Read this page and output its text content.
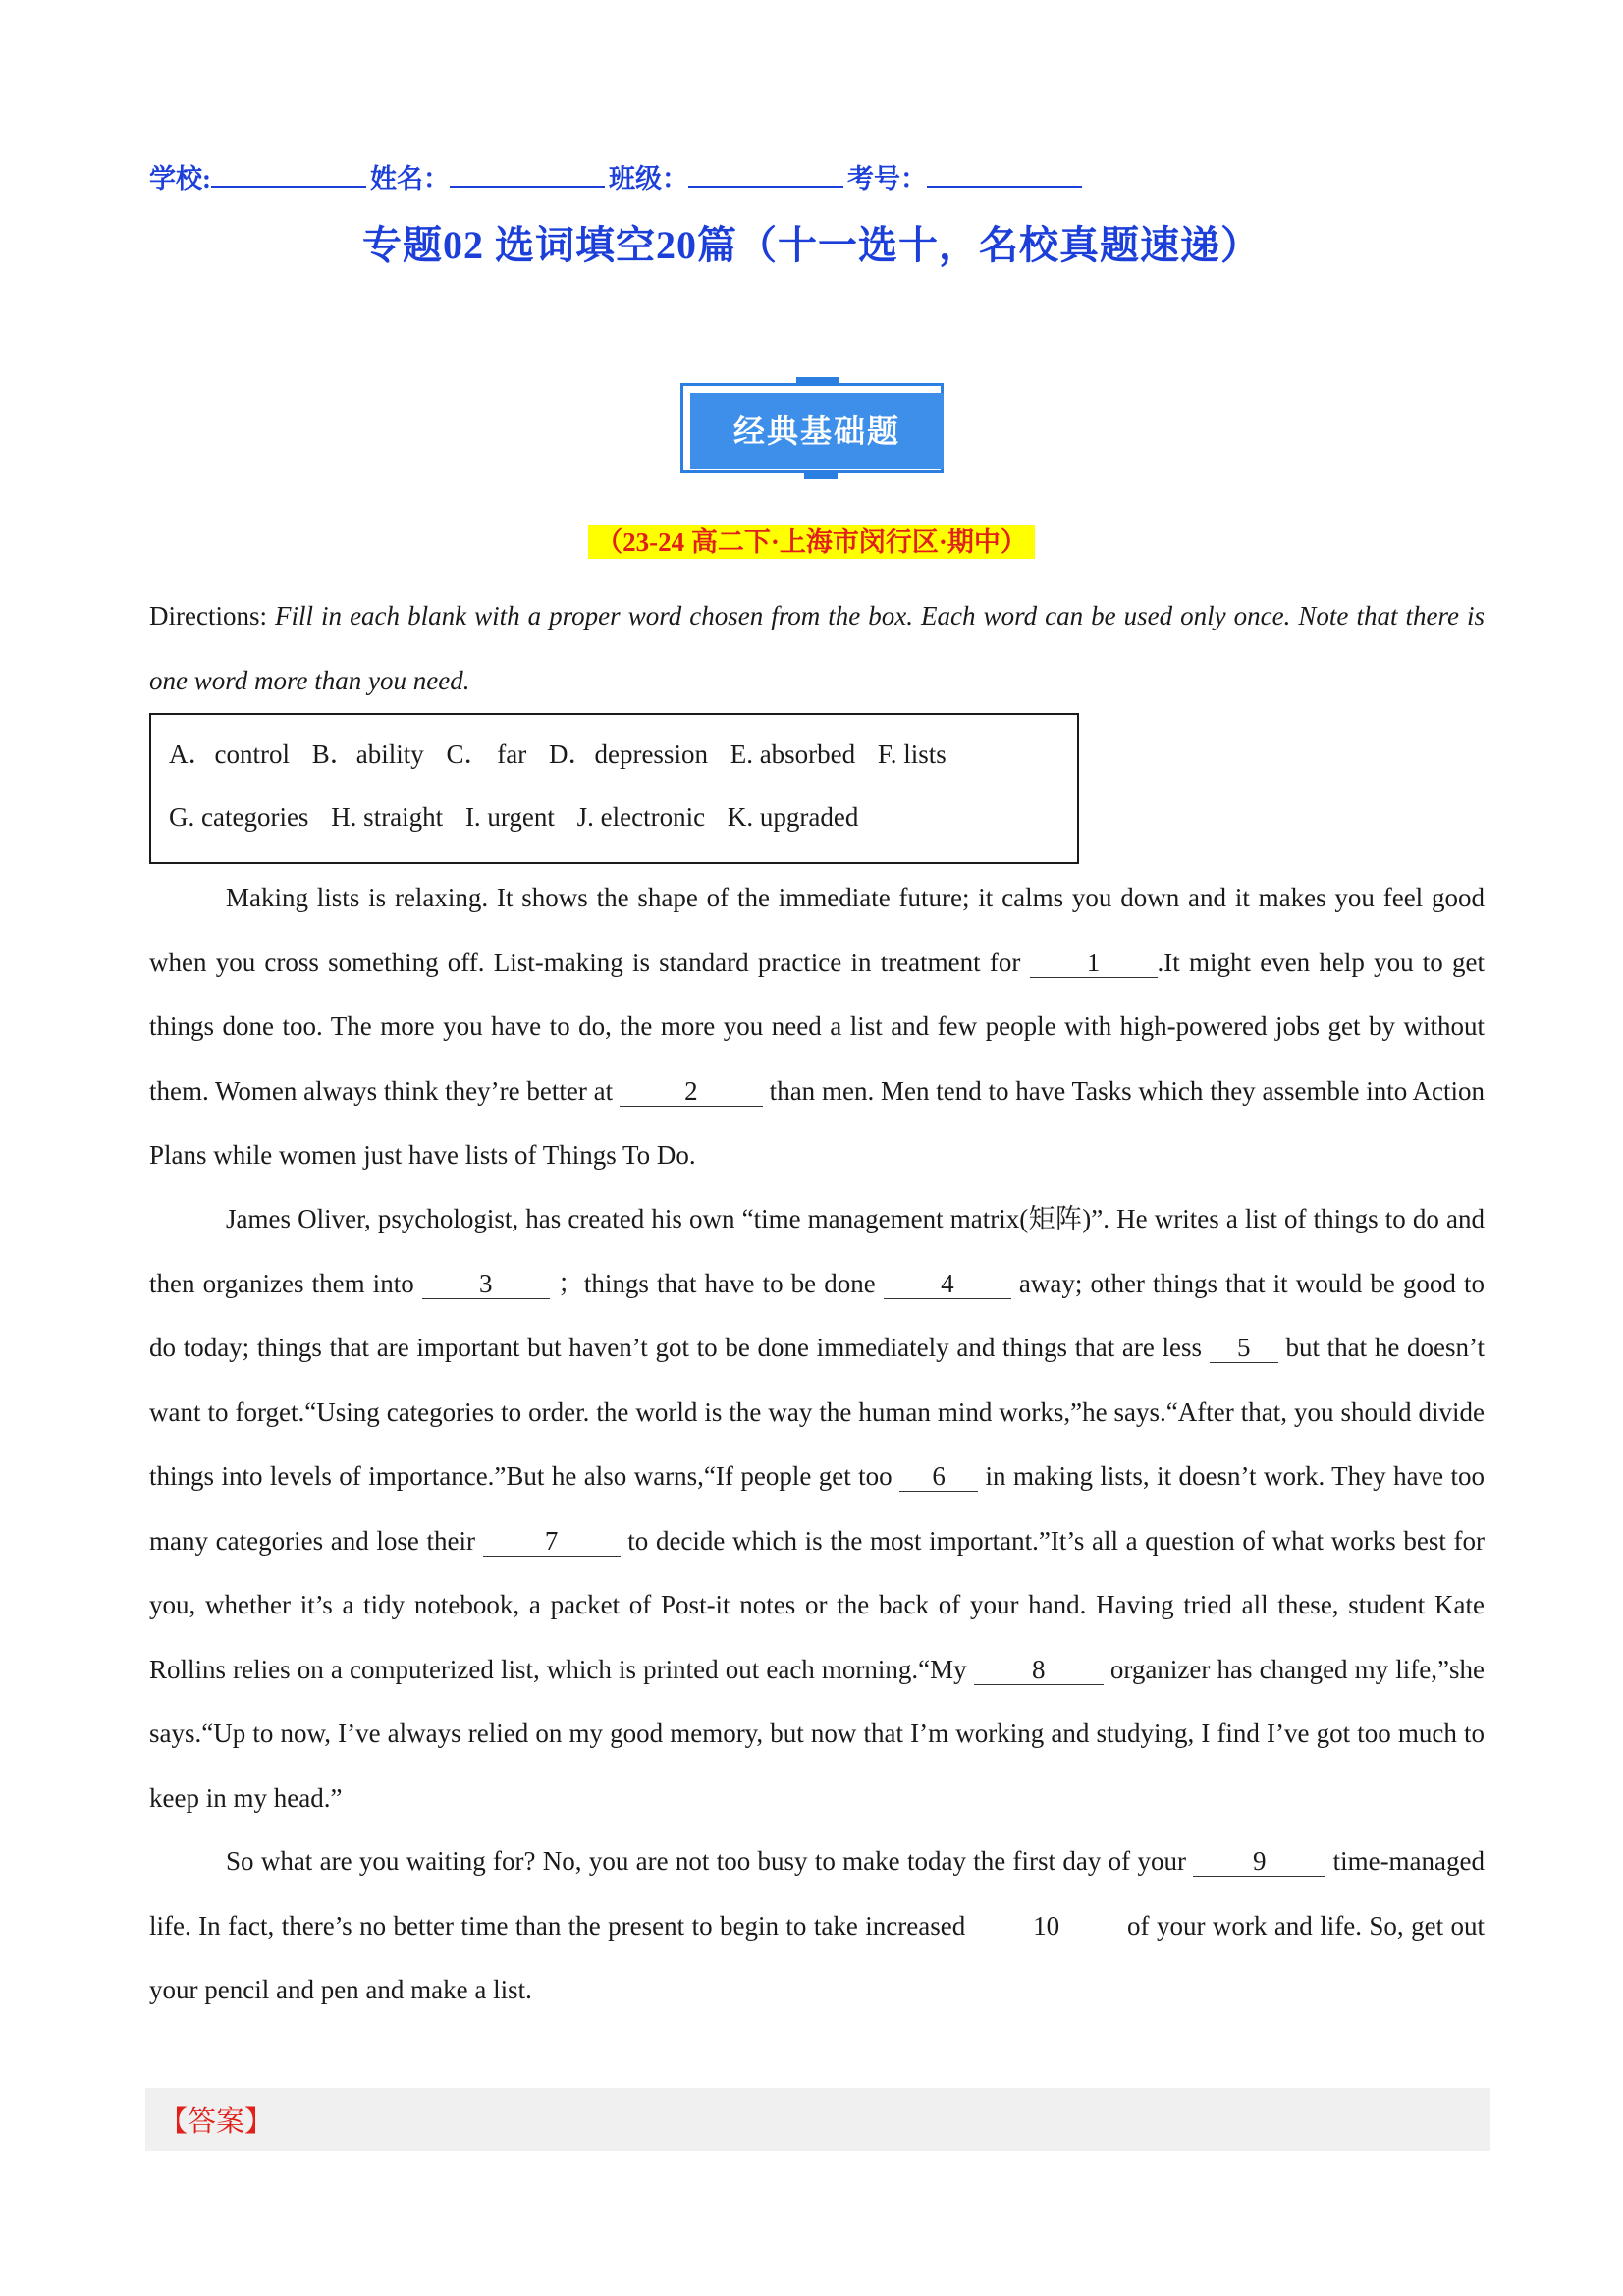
学校:	姓名：	班级：	考号：
专题02 选词填空20篇（十一选十，名校真题速递）
经典基础题
（23-24 高二下·上海市闵行区·期中）
Directions: Fill in each blank with a proper word chosen from the box. Each word can be used only once. Note that there is one word more than you need.
A．control B．ability C． far D．depression E. absorbed F. lists
G. categories H. straight I. urgent J. electronic K. upgraded
Making lists is relaxing. It shows the shape of the immediate future; it calms you down and it makes you feel good when you cross something off. List-making is standard practice in treatment for 1 .It might even help you to get things done too. The more you have to do, the more you need a list and few people with high-powered jobs get by without them. Women always think they’re better at 2 than men. Men tend to have Tasks which they assemble into Action Plans while women just have lists of Things To Do.
James Oliver, psychologist, has created his own “time management matrix(矩阵)”. He writes a list of things to do and then organizes them into 3 ；things that have to be done 4 away; other things that it would be good to do today; things that are important but haven’t got to be done immediately and things that are less 5 but that he doesn’t want to forget.“Using categories to order. the world is the way the human mind works,”he says.“After that, you should divide things into levels of importance.”But he also warns,“If people get too 6 in making lists, it doesn’t work. They have too many categories and lose their 7 to decide which is the most important.”It’s all a question of what works best for you, whether it’s a tidy notebook, a packet of Post-it notes or the back of your hand. Having tried all these, student Kate Rollins relies on a computerized list, which is printed out each morning.“My 8 organizer has changed my life,”she says.“Up to now, I’ve always relied on my good memory, but now that I’m working and studying, I find I’ve got too much to keep in my head.”
So what are you waiting for? No, you are not too busy to make today the first day of your 9 time-managed life. In fact, there’s no better time than the present to begin to take increased 10 of your work and life. So, get out your pencil and pen and make a list.
【答案】
